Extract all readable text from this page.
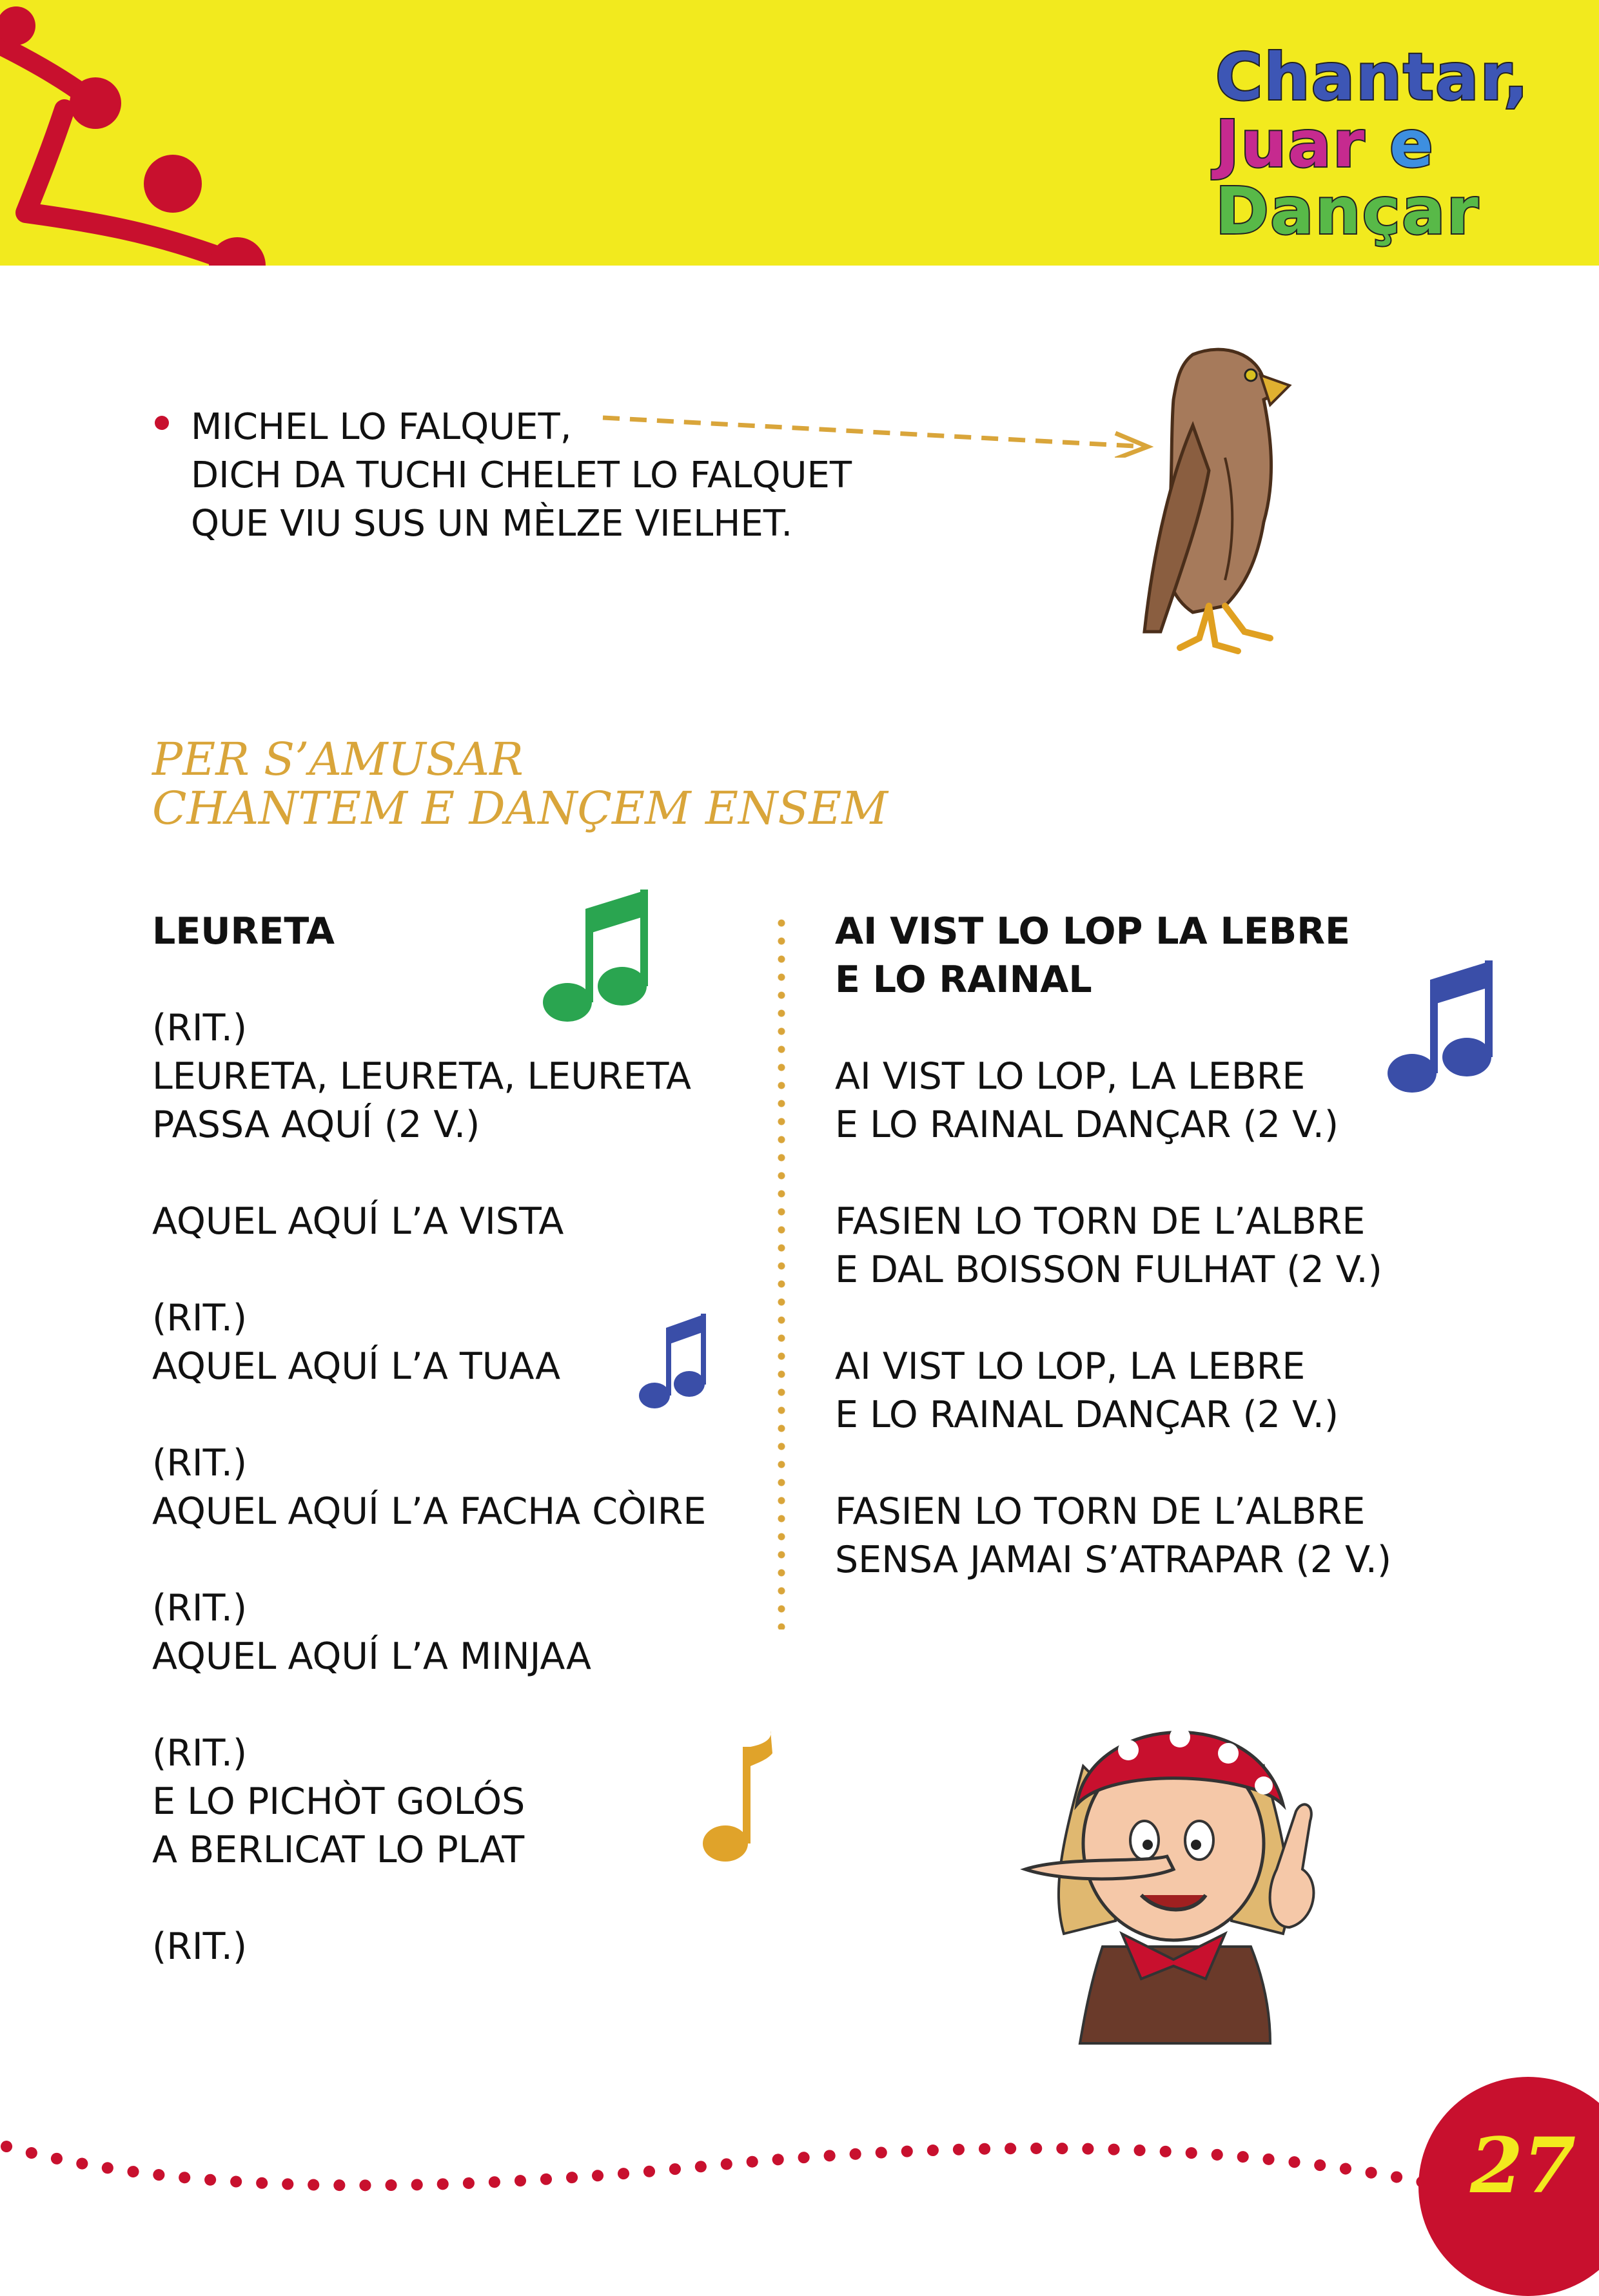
Chantar,
Juar e
Dançar
MICHEL LO FALQUET,
DICH DA TUCHI CHELET LO FALQUET
QUE VIU SUS UN MÈLZE VIELHET.
PER S’AMUSAR
CHANTEM E DANÇEM ENSEM

LEURETA

(RIT.)

LEURETA, LEURETA, LEURETA

PASSA AQUÍ (2 V.)

AQUEL AQUÍ L’A VISTA

(RIT.)

AQUEL AQUÍ L’A TUAA

(RIT.)

AQUEL AQUÍ L’A FACHA CÒIRE

(RIT.)

AQUEL AQUÍ L’A MINJAA

(RIT.)

E LO PICHÒT GOLÓS

A BERLICAT LO PLAT

(RIT.)

AI VIST LO LOP LA LEBRE

E LO RAINAL

AI VIST LO LOP, LA LEBRE

E LO RAINAL DANÇAR (2 V.)

FASIEN LO TORN DE L’ALBRE

E DAL BOISSON FULHAT (2 V.)

AI VIST LO LOP, LA LEBRE

E LO RAINAL DANÇAR (2 V.)

FASIEN LO TORN DE L’ALBRE

SENSA JAMAI S’ATRAPAR (2 V.)

27
